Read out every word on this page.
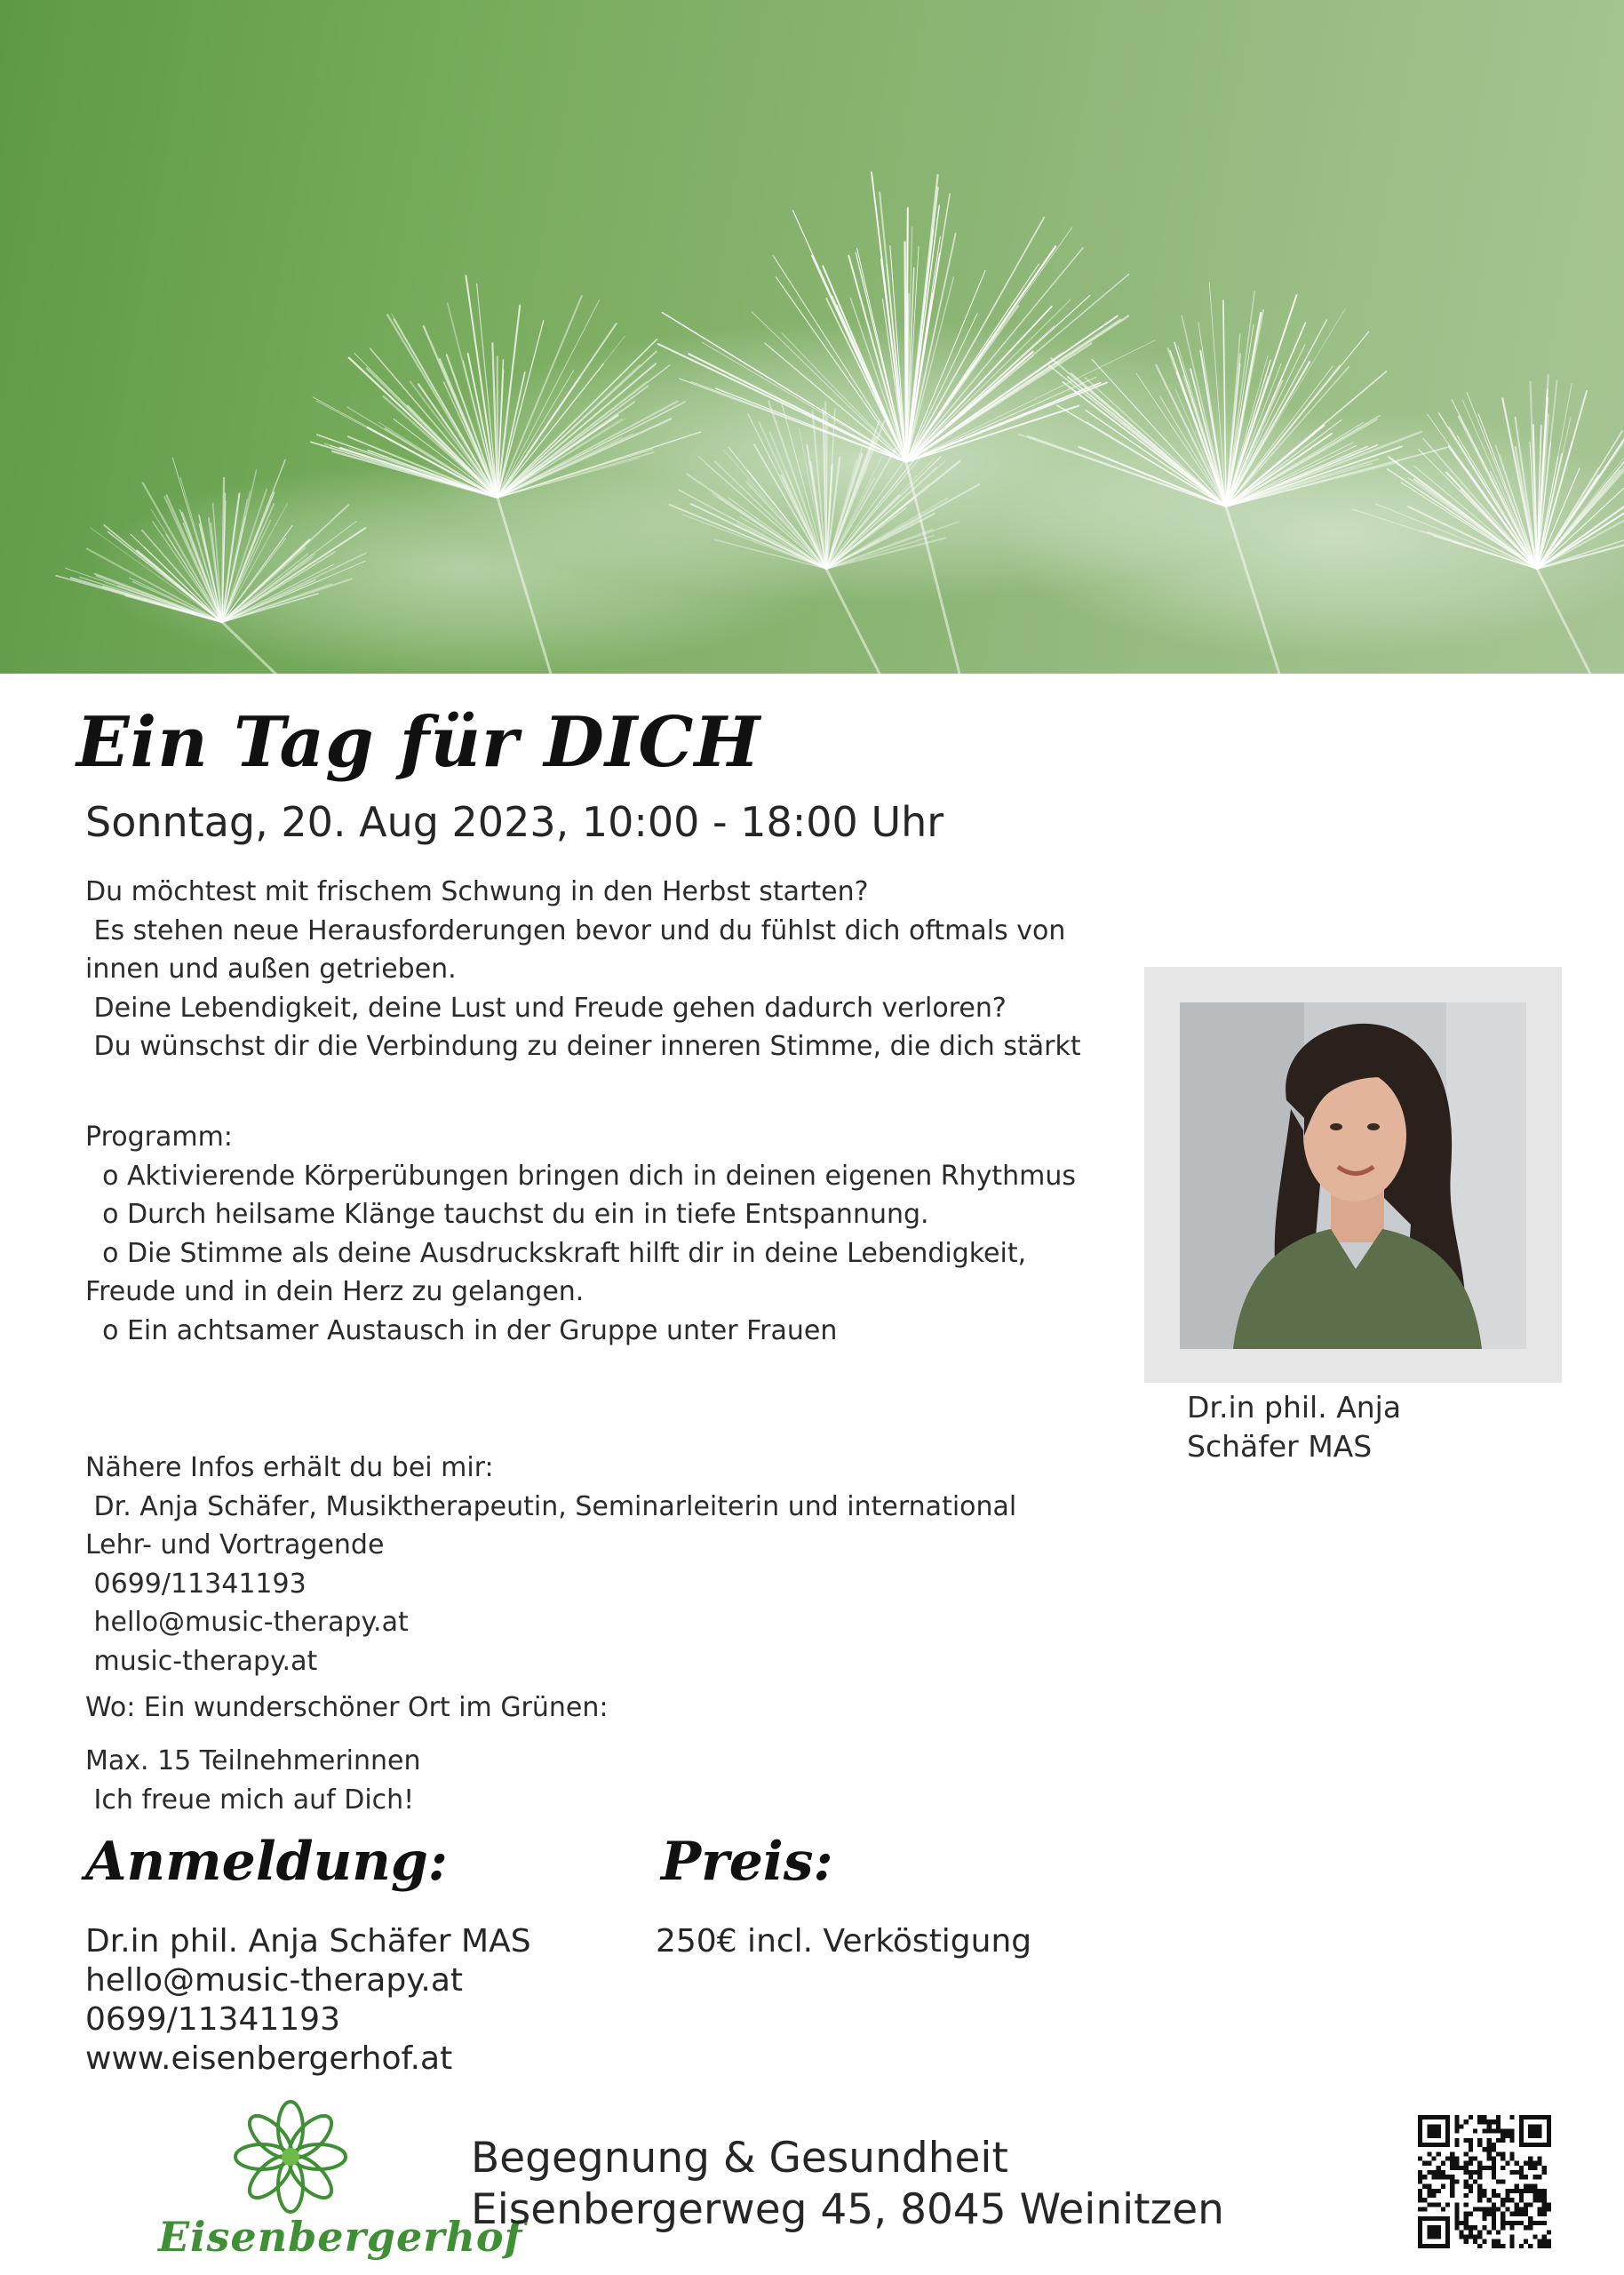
Ein Tag für DICH
Sonntag, 20. Aug 2023, 10:00 - 18:00 Uhr

Du möchtest mit frischem Schwung in den Herbst starten?

Es stehen neue Herausforderungen bevor und du fühlst dich oftmals von innen und außen getrieben.

Deine Lebendigkeit, deine Lust und Freude gehen dadurch verloren?

Du wünschst dir die Verbindung zu deiner inneren Stimme, die dich stärkt

Programm:

o Aktivierende Körperübungen bringen dich in deinen eigenen Rhythmus

o Durch heilsame Klänge tauchst du ein in tiefe Entspannung.

o Die Stimme als deine Ausdruckskraft hilft dir in deine Lebendigkeit, Freude und in dein Herz zu gelangen.

o Ein achtsamer Austausch in der Gruppe unter Frauen

Nähere Infos erhält du bei mir:

Dr. Anja Schäfer, Musiktherapeutin, Seminarleiterin und international Lehr- und Vortragende

0699/11341193

hello@music-therapy.at

music-therapy.at

Wo: Ein wunderschöner Ort im Grünen:

Max. 15 Teilnehmerinnen

Ich freue mich auf Dich!

Dr.in phil. Anja

Schäfer MAS

Anmeldung:	Preis:

Dr.in phil. Anja Schäfer MAS

hello@music-therapy.at

0699/11341193

www.eisenbergerhof.at

250€ incl. Verköstigung

Eisenbergerhof

Begegnung & Gesundheit

Eisenbergerweg 45, 8045 Weinitzen
